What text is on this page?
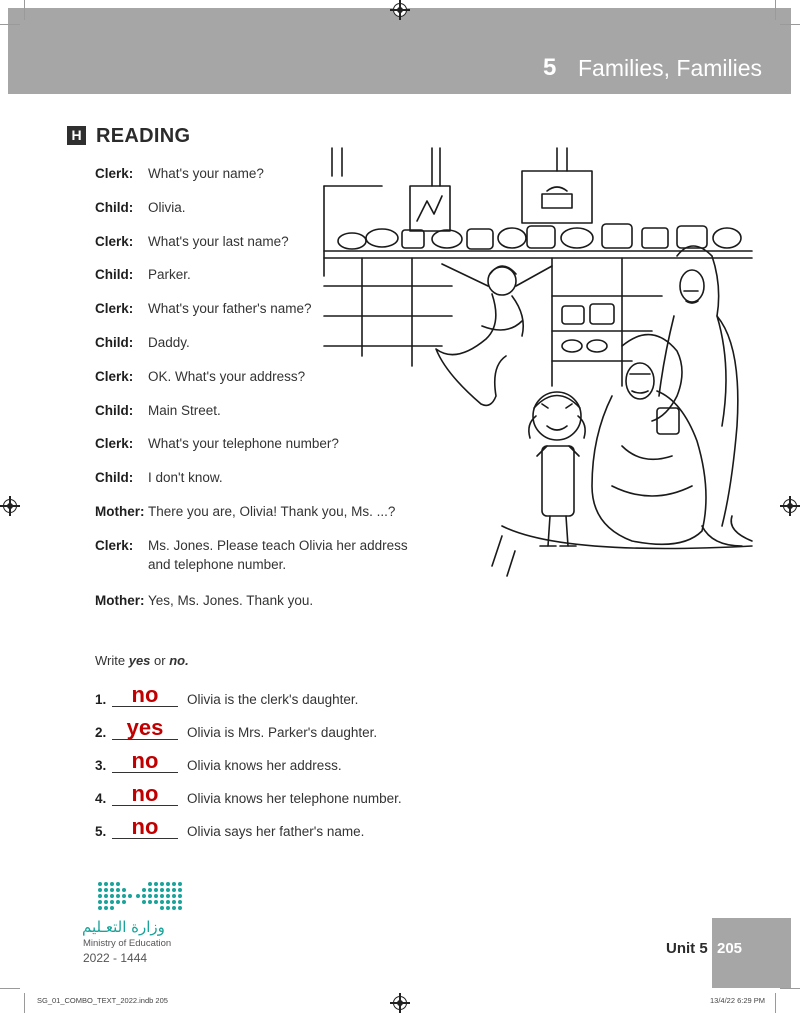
5 Families, Families
H READING
Clerk: What's your name?
Child: Olivia.
Clerk: What's your last name?
Child: Parker.
Clerk: What's your father's name?
Child: Daddy.
Clerk: OK. What's your address?
Child: Main Street.
Clerk: What's your telephone number?
Child: I don't know.
Mother: There you are, Olivia! Thank you, Ms. ...?
Clerk: Ms. Jones. Please teach Olivia her address and telephone number.
Mother: Yes, Ms. Jones. Thank you.
Write yes or no.
1.	no	Olivia is the clerk's daughter.
2. yes	Olivia is Mrs. Parker's daughter.
3.	no	Olivia knows her address.
4.	no	Olivia knows her telephone number.
5.	no	Olivia says her father's name.
وزارة التعـليم
Ministry of Education
2022 - 1444
Unit 5 205
SG_01_COMBO_TEXT_2022.indb 205	13/4/22 6:29 PM
